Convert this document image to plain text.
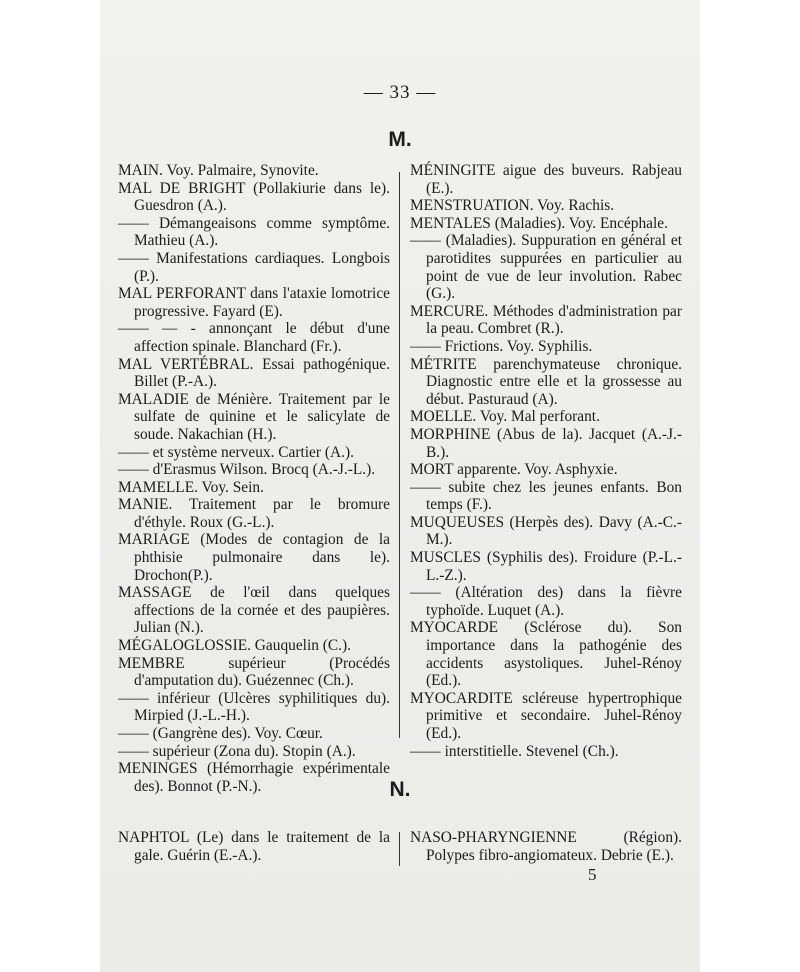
— 33 —
M.

MAIN. Voy. Palmaire, Synovite.

MAL DE BRIGHT (Pollakiurie dans le). Guesdron (A.).

—— Démangeaisons comme symptôme. Mathieu (A.).

—— Manifestations cardiaques. Longbois (P.).

MAL PERFORANT dans l'ataxie lomotrice progressive. Fayard (E).

—— — - annonçant le début d'une affection spinale. Blanchard (Fr.).

MAL VERTÉBRAL. Essai pathogénique. Billet (P.-A.).

MALADIE de Ménière. Traitement par le sulfate de quinine et le salicylate de soude. Nakachian (H.).

—— et système nerveux. Cartier (A.).

—— d'Erasmus Wilson. Brocq (A.-J.-L.).

MAMELLE. Voy. Sein.

MANIE. Traitement par le bromure d'éthyle. Roux (G.-L.).

MARIAGE (Modes de contagion de la phthisie pulmonaire dans le). Drochon(P.).

MASSAGE de l'œil dans quelques affections de la cornée et des paupières. Julian (N.).

MÉGALOGLOSSIE. Gauquelin (C.).

MEMBRE supérieur (Procédés d'amputation du). Guézennec (Ch.).

—— inférieur (Ulcères syphilitiques du). Mirpied (J.-L.-H.).

—— (Gangrène des). Voy. Cœur.

—— supérieur (Zona du). Stopin (A.).

MENINGES (Hémorrhagie expérimentale des). Bonnot (P.-N.).

MÉNINGITE aigue des buveurs. Rabjeau (E.).

MENSTRUATION. Voy. Rachis.

MENTALES (Maladies). Voy. Encéphale.

—— (Maladies). Suppuration en général et parotidites suppurées en particulier au point de vue de leur involution. Rabec (G.).

MERCURE. Méthodes d'administration par la peau. Combret (R.).

—— Frictions. Voy. Syphilis.

MÉTRITE parenchymateuse chronique. Diagnostic entre elle et la grossesse au début. Pasturaud (A).

MOELLE. Voy. Mal perforant.

MORPHINE (Abus de la). Jacquet (A.-J.-B.).

MORT apparente. Voy. Asphyxie.

—— subite chez les jeunes enfants. Bon temps (F.).

MUQUEUSES (Herpès des). Davy (A.-C.-M.).

MUSCLES (Syphilis des). Froidure (P.-L.-L.-Z.).

—— (Altération des) dans la fièvre typhoïde. Luquet (A.).

MYOCARDE (Sclérose du). Son importance dans la pathogénie des accidents asystoliques. Juhel-Rénoy (Ed.).

MYOCARDITE scléreuse hypertrophique primitive et secondaire. Juhel-Rénoy (Ed.).

—— interstitielle. Stevenel (Ch.).

N.

NAPHTOL (Le) dans le traitement de la gale. Guérin (E.-A.).

NASO-PHARYNGIENNE (Région). Polypes fibro-angiomateux. Debrie (E.).

5
